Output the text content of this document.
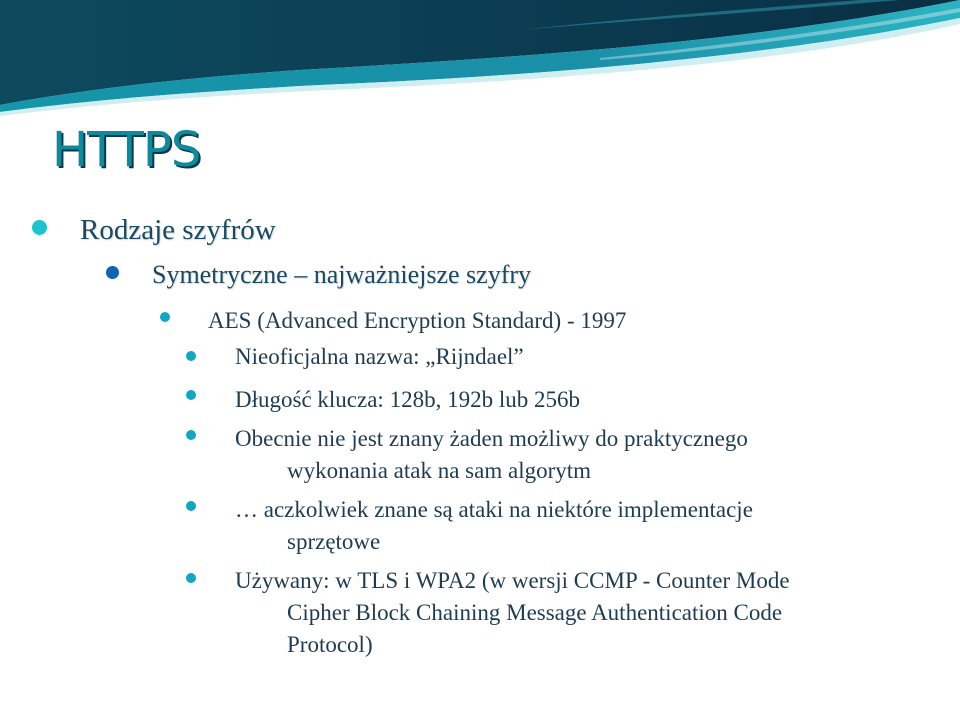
HTTPS
Rodzaje szyfrów
Symetryczne – najważniejsze szyfry
AES (Advanced Encryption Standard) - 1997
Nieoficjalna nazwa: „Rijndael”
Długość klucza: 128b, 192b lub 256b
Obecnie nie jest znany żaden możliwy do praktycznego
wykonania atak na sam algorytm
… aczkolwiek znane są ataki na niektóre implementacje
sprzętowe
Używany: w TLS i WPA2 (w wersji CCMP - Counter Mode
Cipher Block Chaining Message Authentication Code
Protocol)
